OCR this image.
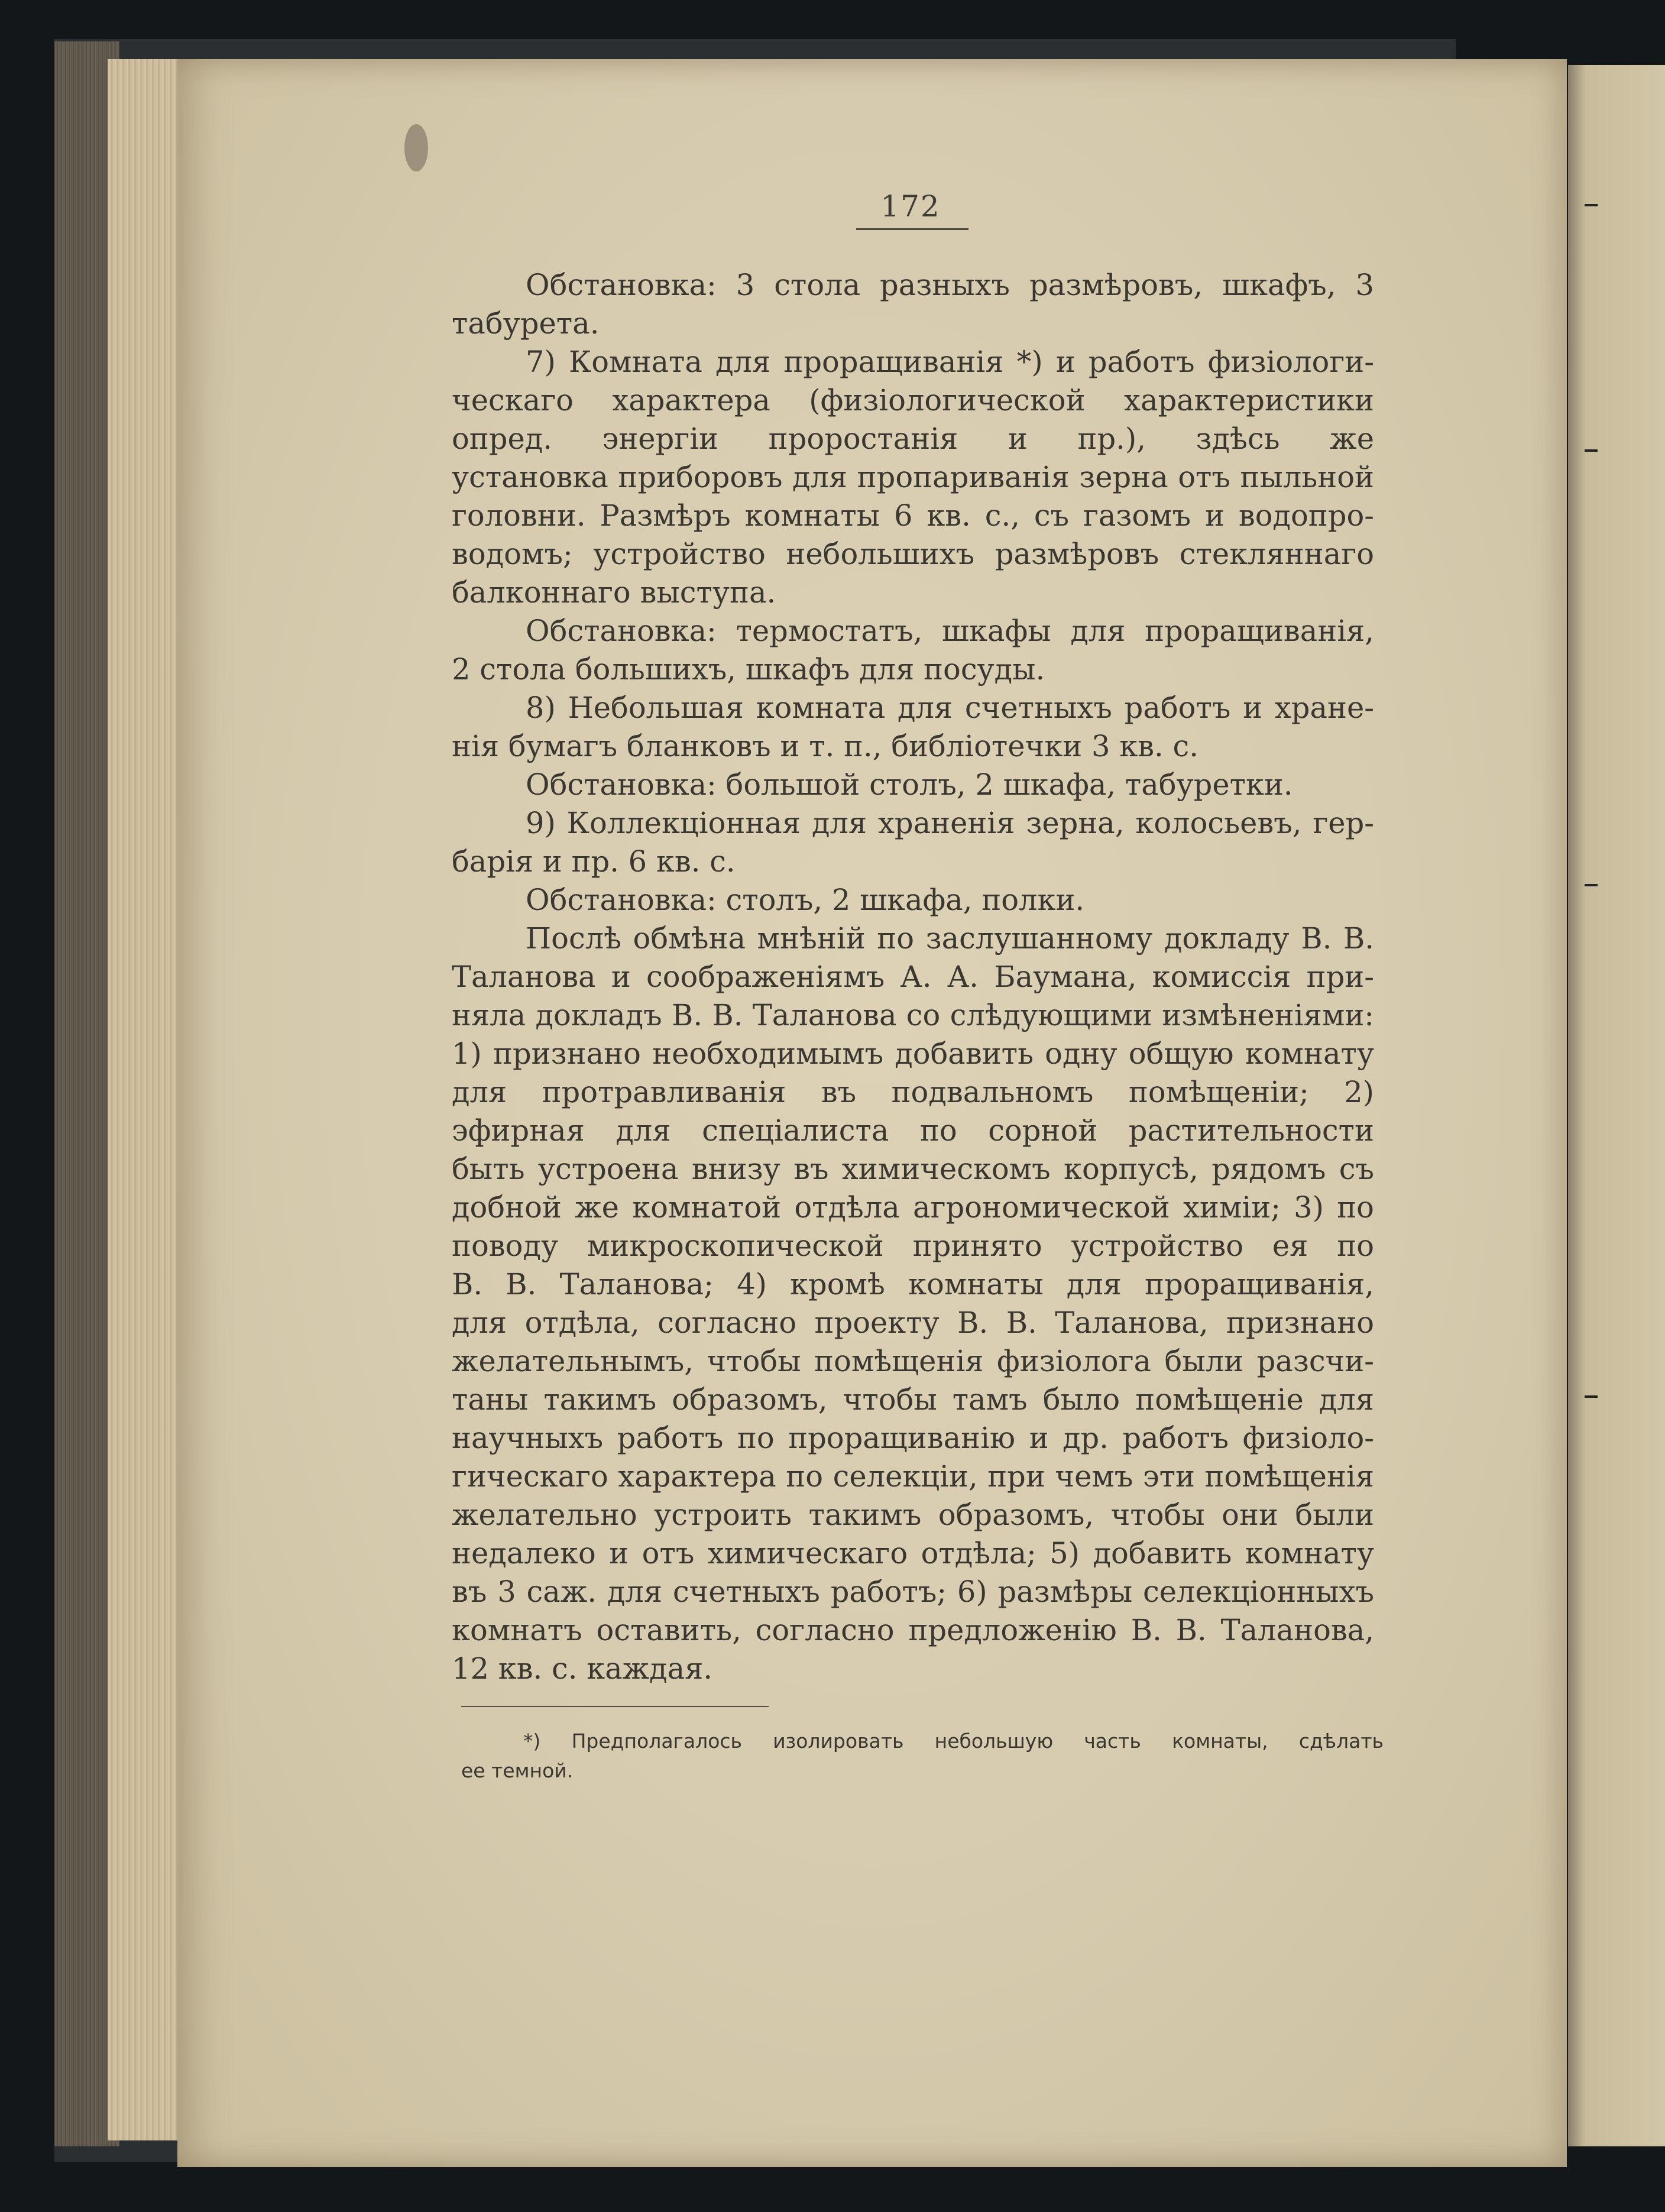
172
Обстановка: 3 стола разныхъ размѣровъ, шкафъ, 3
табурета.
7) Комната для проращиванія *) и работъ физіологи-
ческаго характера (физіологической характеристики
опред. энергіи проростанія и пр.), здѣсь же
установка приборовъ для пропариванія зерна отъ пыльной
головни. Размѣръ комнаты 6 кв. с., съ газомъ и водопро-
водомъ; устройство небольшихъ размѣровъ стекляннаго
балконнаго выступа.
Обстановка: термостатъ, шкафы для проращиванія,
2 стола большихъ, шкафъ для посуды.
8) Небольшая комната для счетныхъ работъ и хране-
нія бумагъ бланковъ и т. п., библіотечки 3 кв. с.
Обстановка: большой столъ, 2 шкафа, табуретки.
9) Коллекціонная для храненія зерна, колосьевъ, гер-
барія и пр. 6 кв. с.
Обстановка: столъ, 2 шкафа, полки.
Послѣ обмѣна мнѣній по заслушанному докладу В. В.
Таланова и соображеніямъ А. А. Баумана, комиссія при-
няла докладъ В. В. Таланова со слѣдующими измѣненіями:
1) признано необходимымъ добавить одну общую комнату
для протравливанія въ подвальномъ помѣщеніи; 2)
эфирная для спеціалиста по сорной растительности
быть устроена внизу въ химическомъ корпусѣ, рядомъ съ
добной же комнатой отдѣла агрономической химіи; 3) по
поводу микроскопической принято устройство ея по
В. В. Таланова; 4) кромѣ комнаты для проращиванія,
для отдѣла, согласно проекту В. В. Таланова, признано
желательнымъ, чтобы помѣщенія физіолога были разсчи-
таны такимъ образомъ, чтобы тамъ было помѣщеніе для
научныхъ работъ по проращиванію и др. работъ физіоло-
гическаго характера по селекціи, при чемъ эти помѣщенія
желательно устроить такимъ образомъ, чтобы они были
недалеко и отъ химическаго отдѣла; 5) добавить комнату
въ 3 саж. для счетныхъ работъ; 6) размѣры селекціонныхъ
комнатъ оставить, согласно предложенію В. В. Таланова,
12 кв. с. каждая.
*) Предполагалось изолировать небольшую часть комнаты, сдѣлать
ее темной.
